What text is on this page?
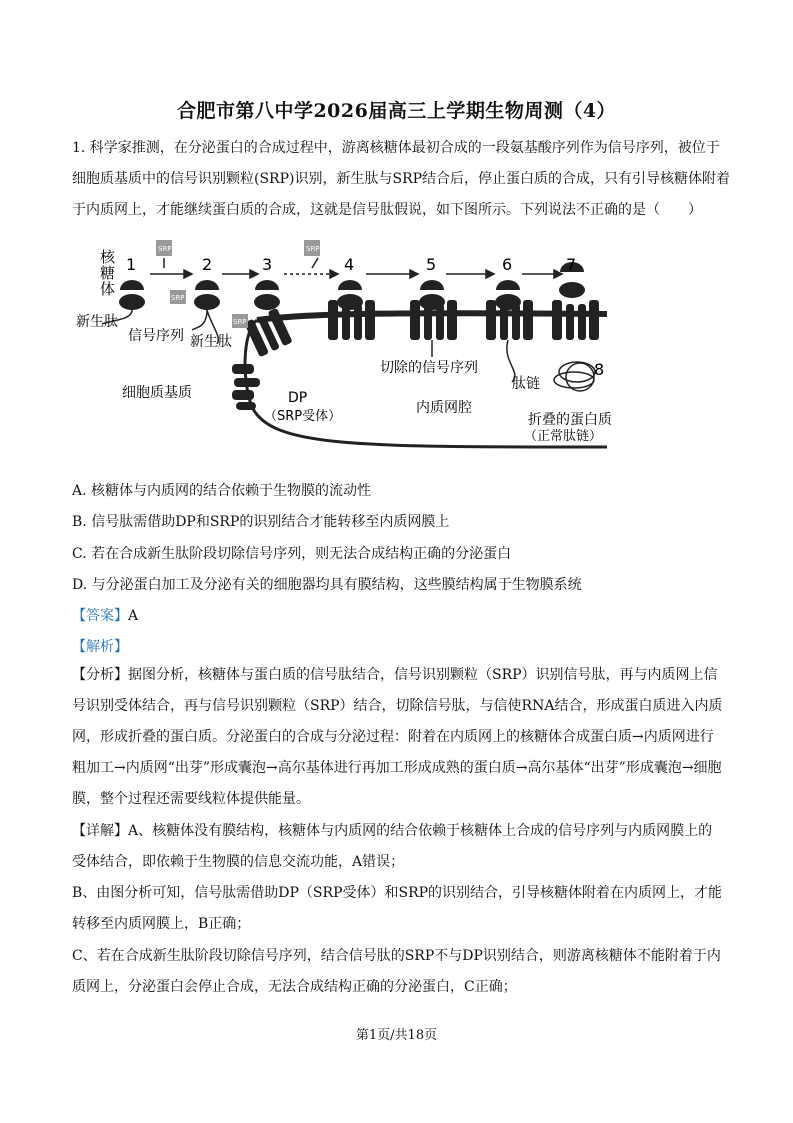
合肥市第八中学2026届高三上学期生物周测（4）
1. 科学家推测，在分泌蛋白的合成过程中，游离核糖体最初合成的一段氨基酸序列作为信号序列，被位于
细胞质基质中的信号识别颗粒(SRP)识别，新生肽与SRP结合后，停止蛋白质的合成，只有引导核糖体附着
于内质网上，才能继续蛋白质的合成，这就是信号肽假说，如下图所示。下列说法不正确的是（　　）
SRP
SRP
SRP
SRP
核
糖
体
1	2	3	4	5	6	7
8
新生肽
信号序列 新生肽
细胞质基质	DP
（SRP受体）
切除的信号序列
肽链
内质网腔
折叠的蛋白质
（正常肽链）
A. 核糖体与内质网的结合依赖于生物膜的流动性
B. 信号肽需借助DP和SRP的识别结合才能转移至内质网膜上
C. 若在合成新生肽阶段切除信号序列，则无法合成结构正确的分泌蛋白
D. 与分泌蛋白加工及分泌有关的细胞器均具有膜结构，这些膜结构属于生物膜系统
【答案】A
【解析】
【分析】据图分析，核糖体与蛋白质的信号肽结合，信号识别颗粒（SRP）识别信号肽，再与内质网上信号识别受体结合，再与信号识别颗粒（SRP）结合，切除信号肽，与信使RNA结合，形成蛋白质进入内质网，形成折叠的蛋白质。分泌蛋白的合成与分泌过程：附着在内质网上的核糖体合成蛋白质→内质网进行粗加工→内质网“出芽”形成囊泡→高尔基体进行再加工形成成熟的蛋白质→高尔基体“出芽”形成囊泡→细胞膜，整个过程还需要线粒体提供能量。
【详解】A、核糖体没有膜结构，核糖体与内质网的结合依赖于核糖体上合成的信号序列与内质网膜上的受体结合，即依赖于生物膜的信息交流功能，A错误；
B、由图分析可知，信号肽需借助DP（SRP受体）和SRP的识别结合，引导核糖体附着在内质网上，才能转移至内质网膜上，B正确；
C、若在合成新生肽阶段切除信号序列，结合信号肽的SRP不与DP识别结合，则游离核糖体不能附着于内质网上，分泌蛋白会停止合成，无法合成结构正确的分泌蛋白，C正确；
第1页/共18页
